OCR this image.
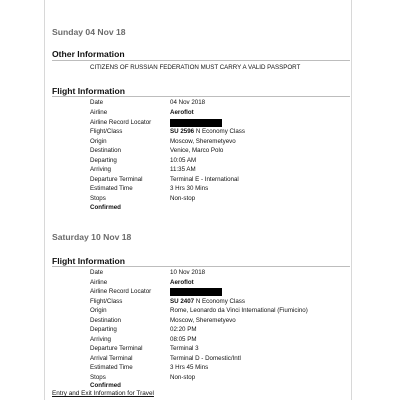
Sunday 04 Nov 18
Other Information
CITIZENS OF RUSSIAN FEDERATION MUST CARRY A VALID PASSPORT
Flight Information
Date	04 Nov 2018
Airline	Aeroflot
Airline Record Locator
Flight/Class	SU 2596 N Economy Class
Origin	Moscow, Sheremetyevo
Destination	Venice, Marco Polo
Departing	10:05 AM
Arriving	11:35 AM
Departure Terminal	Terminal E - International
Estimated Time	3 Hrs 30 Mins
Stops	Non-stop
Confirmed
Saturday 10 Nov 18
Flight Information
Date	10 Nov 2018
Airline	Aeroflot
Airline Record Locator
Flight/Class	SU 2407 N Economy Class
Origin	Rome, Leonardo da Vinci International (Fiumicino)
Destination	Moscow, Sheremetyevo
Departing	02:20 PM
Arriving	08:05 PM
Departure Terminal	Terminal 3
Arrival Terminal	Terminal D - Domestic/Intl
Estimated Time	3 Hrs 45 Mins
Stops	Non-stop
Confirmed
Entry and Exit Information for Travel
